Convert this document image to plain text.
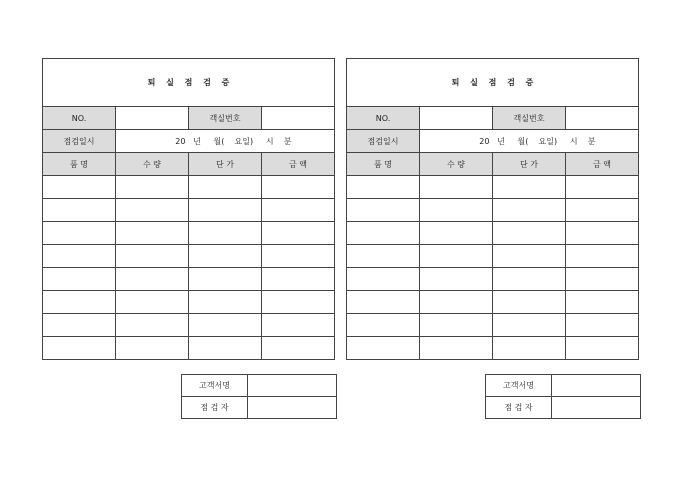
퇴 실 점 검 증			
NO.		객실번호	
점검일시	20   년     월(    요일)     시    분		
품 명	수 량	단 가	금 액

고객서명	
점 검 자	
퇴 실 점 검 증			
NO.		객실번호	
점검일시	20   년     월(    요일)     시    분		
품 명	수 량	단 가	금 액

고객서명	
점 검 자	
